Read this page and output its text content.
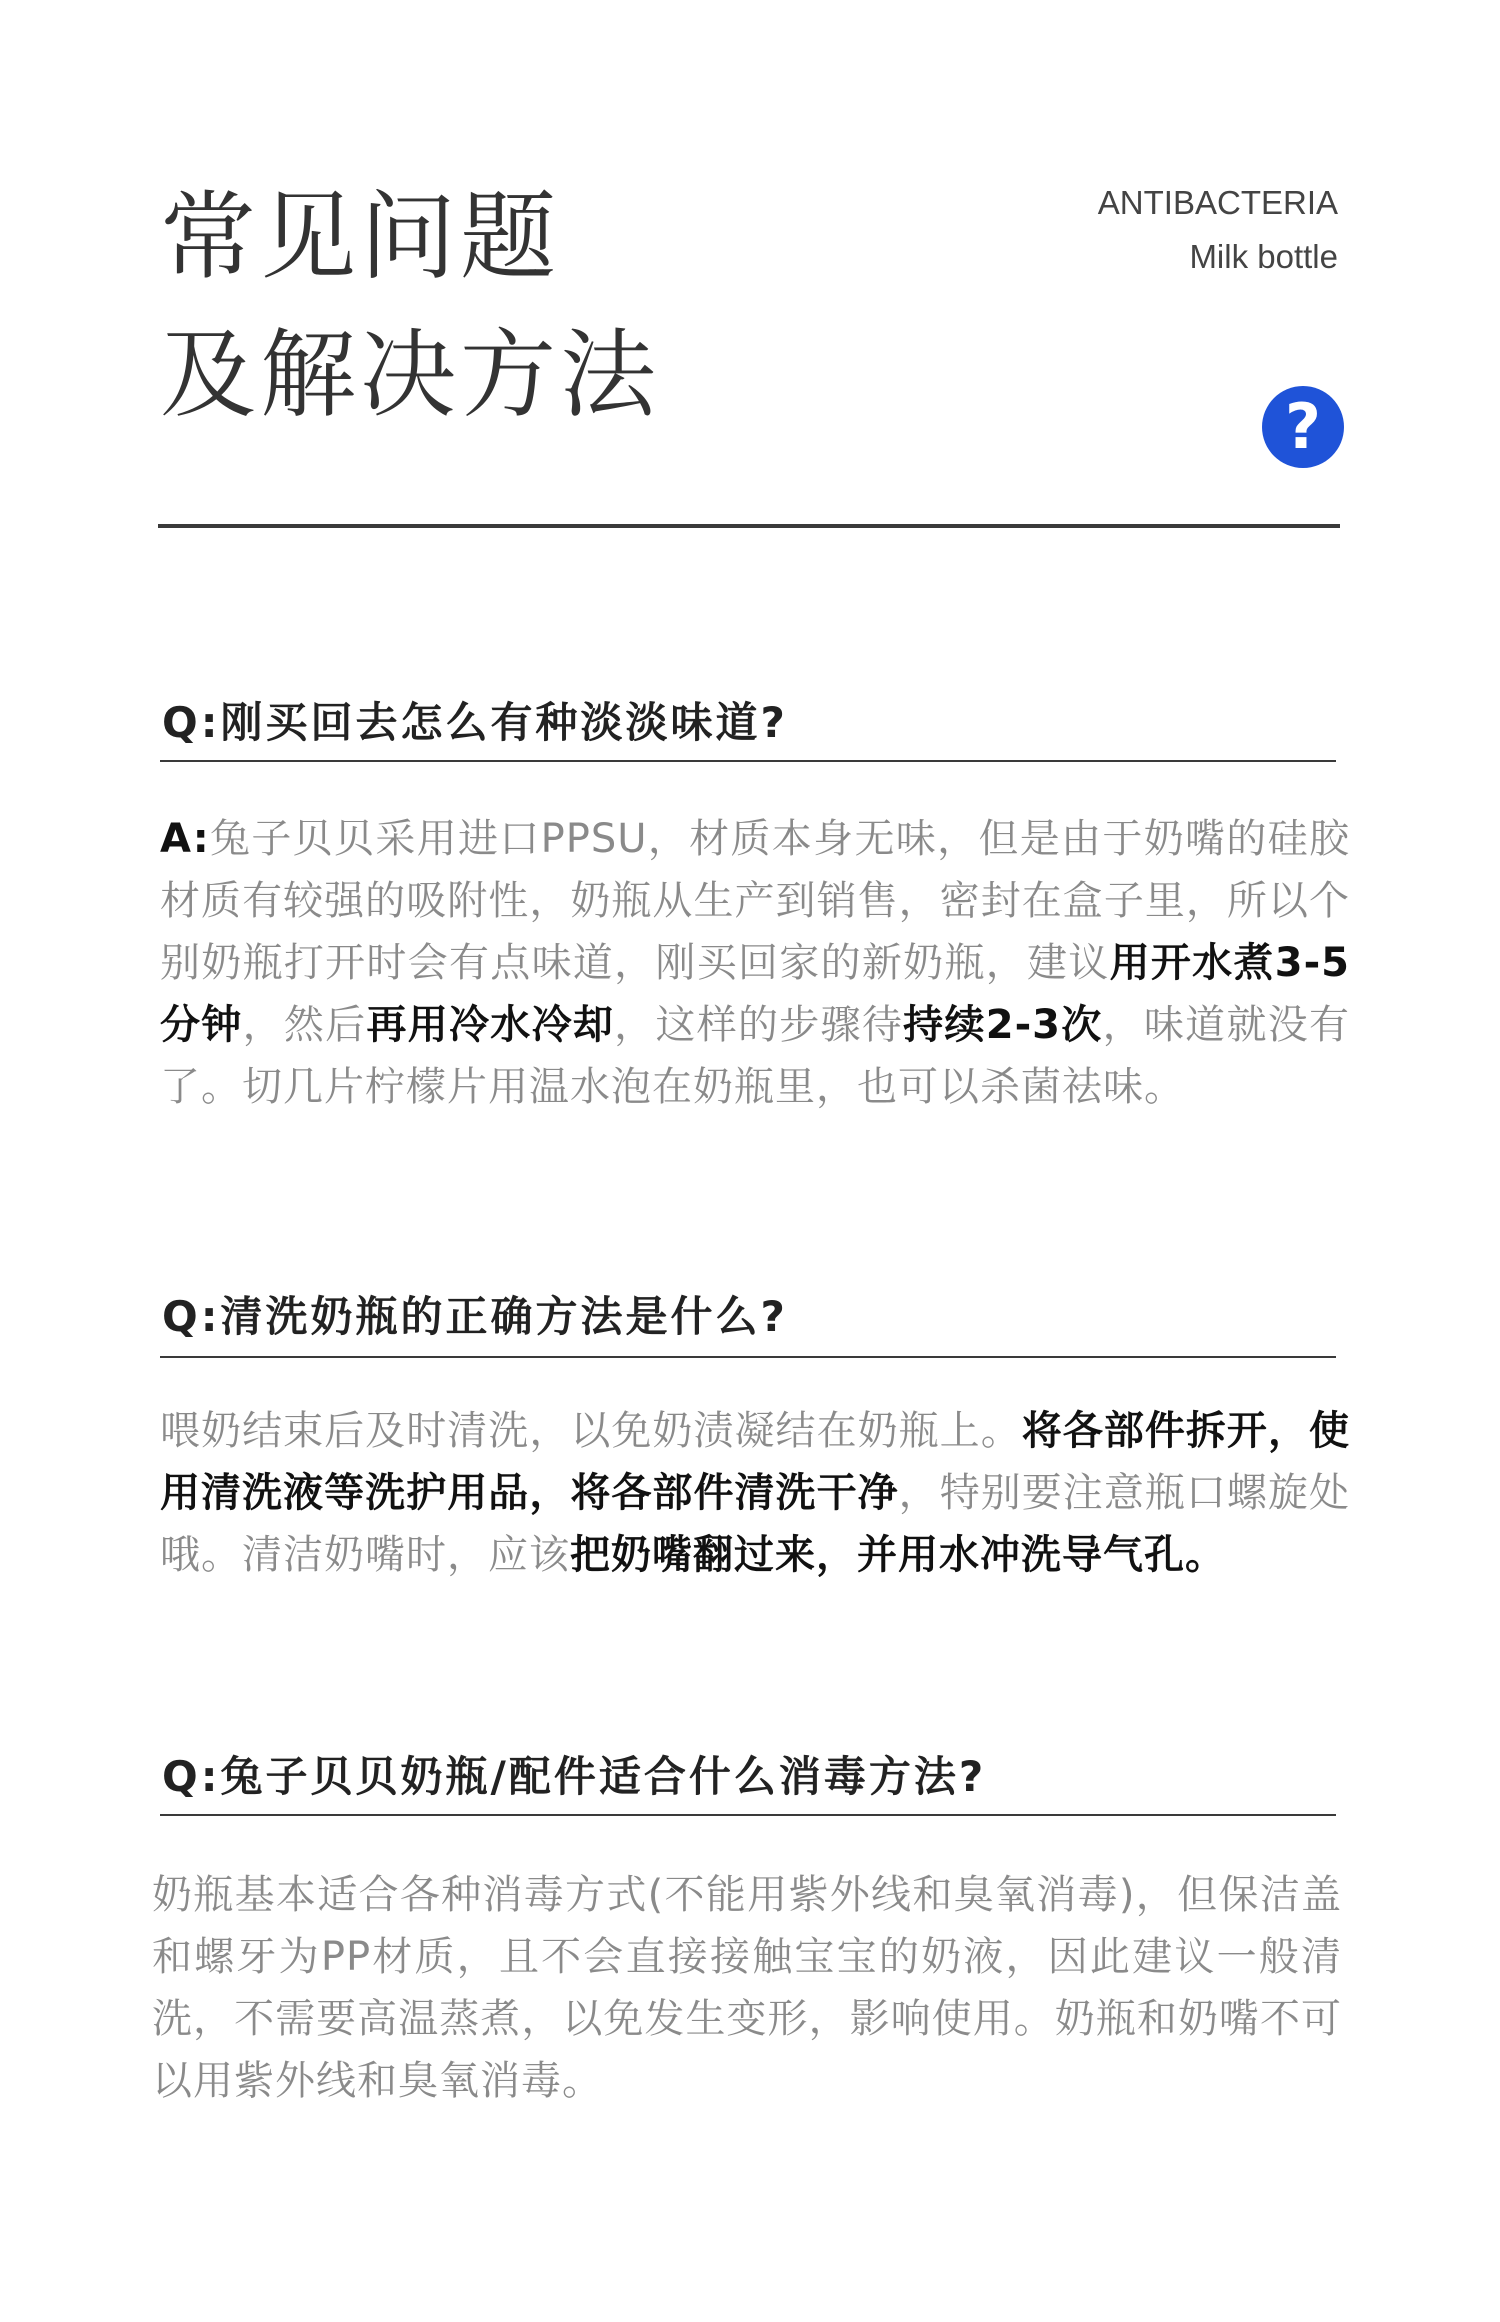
常见问题
及解决方法
ANTIBACTERIA
Milk bottle
?
Q:刚买回去怎么有种淡淡味道?

A:兔子贝贝采用进口PPSU，材质本身无味，但是由于奶嘴的硅胶材质有较强的吸附性，奶瓶从生产到销售，密封在盒子里，所以个别奶瓶打开时会有点味道，刚买回家的新奶瓶，建议用开水煮3-5分钟，然后再用冷水冷却，这样的步骤待持续2-3次，味道就没有了。切几片柠檬片用温水泡在奶瓶里，也可以杀菌祛味。

Q:清洗奶瓶的正确方法是什么?

喂奶结束后及时清洗，以免奶渍凝结在奶瓶上。将各部件拆开，使用清洗液等洗护用品，将各部件清洗干净，特别要注意瓶口螺旋处哦。清洁奶嘴时，应该把奶嘴翻过来，并用水冲洗导气孔。

Q:兔子贝贝奶瓶/配件适合什么消毒方法?

奶瓶基本适合各种消毒方式(不能用紫外线和臭氧消毒)，但保洁盖和螺牙为PP材质，且不会直接接触宝宝的奶液，因此建议一般清洗，不需要高温蒸煮，以免发生变形，影响使用。奶瓶和奶嘴不可以用紫外线和臭氧消毒。
